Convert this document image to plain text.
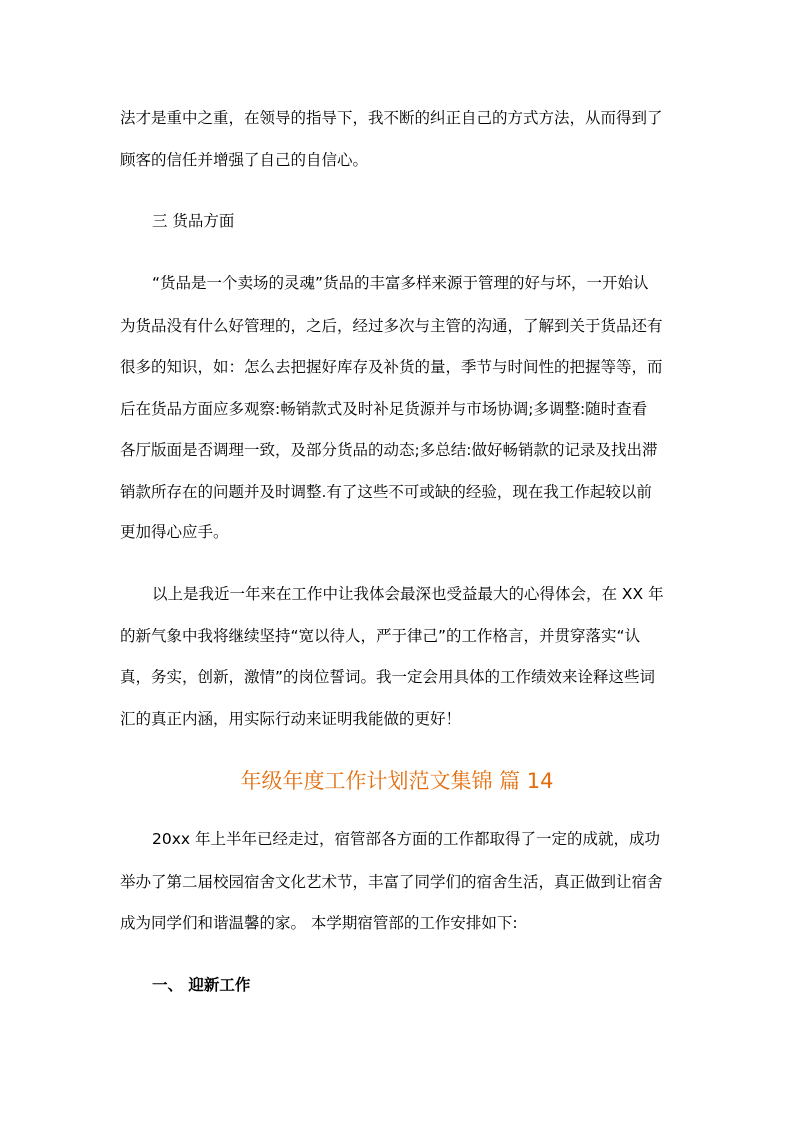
法才是重中之重，在领导的指导下，我不断的纠正自己的方式方法，从而得到了
顾客的信任并增强了自己的自信心。
三 货品方面
“货品是一个卖场的灵魂”货品的丰富多样来源于管理的好与坏，一开始认
为货品没有什么好管理的，之后，经过多次与主管的沟通，了解到关于货品还有
很多的知识，如：怎么去把握好库存及补货的量，季节与时间性的把握等等，而
后在货品方面应多观察:畅销款式及时补足货源并与市场协调;多调整:随时查看
各厅版面是否调理一致，及部分货品的动态;多总结:做好畅销款的记录及找出滞
销款所存在的问题并及时调整.有了这些不可或缺的经验，现在我工作起较以前
更加得心应手。
以上是我近一年来在工作中让我体会最深也受益最大的心得体会，在 XX 年
的新气象中我将继续坚持“宽以待人，严于律己”的工作格言，并贯穿落实“认
真，务实，创新，激情”的岗位誓词。我一定会用具体的工作绩效来诠释这些词
汇的真正内涵，用实际行动来证明我能做的更好！
年级年度工作计划范文集锦 篇 14
20xx 年上半年已经走过，宿管部各方面的工作都取得了一定的成就，成功
举办了第二届校园宿舍文化艺术节，丰富了同学们的宿舍生活，真正做到让宿舍
成为同学们和谐温馨的家。 本学期宿管部的工作安排如下:
一、 迎新工作
